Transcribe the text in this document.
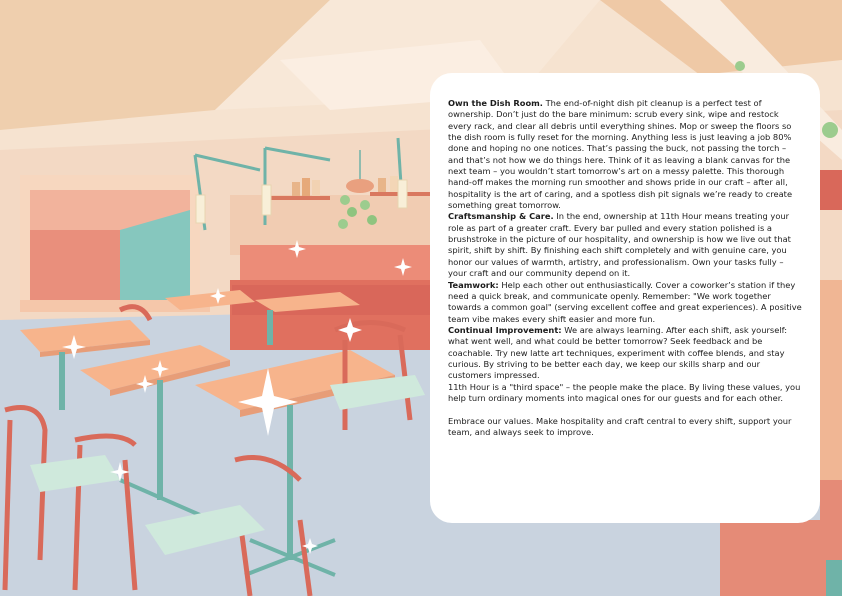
Own the Dish Room. The end-of-night dish pit cleanup is a perfect test of ownership. Don’t just do the bare minimum: scrub every sink, wipe and restock every rack, and clear all debris until everything shines. Mop or sweep the floors so the dish room is fully reset for the morning. Anything less is just leaving a job 80% done and hoping no one notices. That’s passing the buck, not passing the torch – and that’s not how we do things here. Think of it as leaving a blank canvas for the next team – you wouldn’t start tomorrow’s art on a messy palette. This thorough hand-off makes the morning run smoother and shows pride in our craft – after all, hospitality is the art of caring, and a spotless dish pit signals we’re ready to create something great tomorrow.

Craftsmanship & Care. In the end, ownership at 11th Hour means treating your role as part of a greater craft. Every bar pulled and every station polished is a brushstroke in the picture of our hospitality, and ownership is how we live out that spirit, shift by shift. By finishing each shift completely and with genuine care, you honor our values of warmth, artistry, and professionalism. Own your tasks fully – your craft and our community depend on it.

Teamwork: Help each other out enthusiastically. Cover a coworker’s station if they need a quick break, and communicate openly. Remember: "We work together towards a common goal" (serving excellent coffee and great experiences). A positive team vibe makes every shift easier and more fun.

Continual Improvement: We are always learning. After each shift, ask yourself: what went well, and what could be better tomorrow? Seek feedback and be coachable. Try new latte art techniques, experiment with coffee blends, and stay curious. By striving to be better each day, we keep our skills sharp and our customers impressed.

11th Hour is a "third space" – the people make the place. By living these values, you help turn ordinary moments into magical ones for our guests and for each other.

Embrace our values. Make hospitality and craft central to every shift, support your team, and always seek to improve.
